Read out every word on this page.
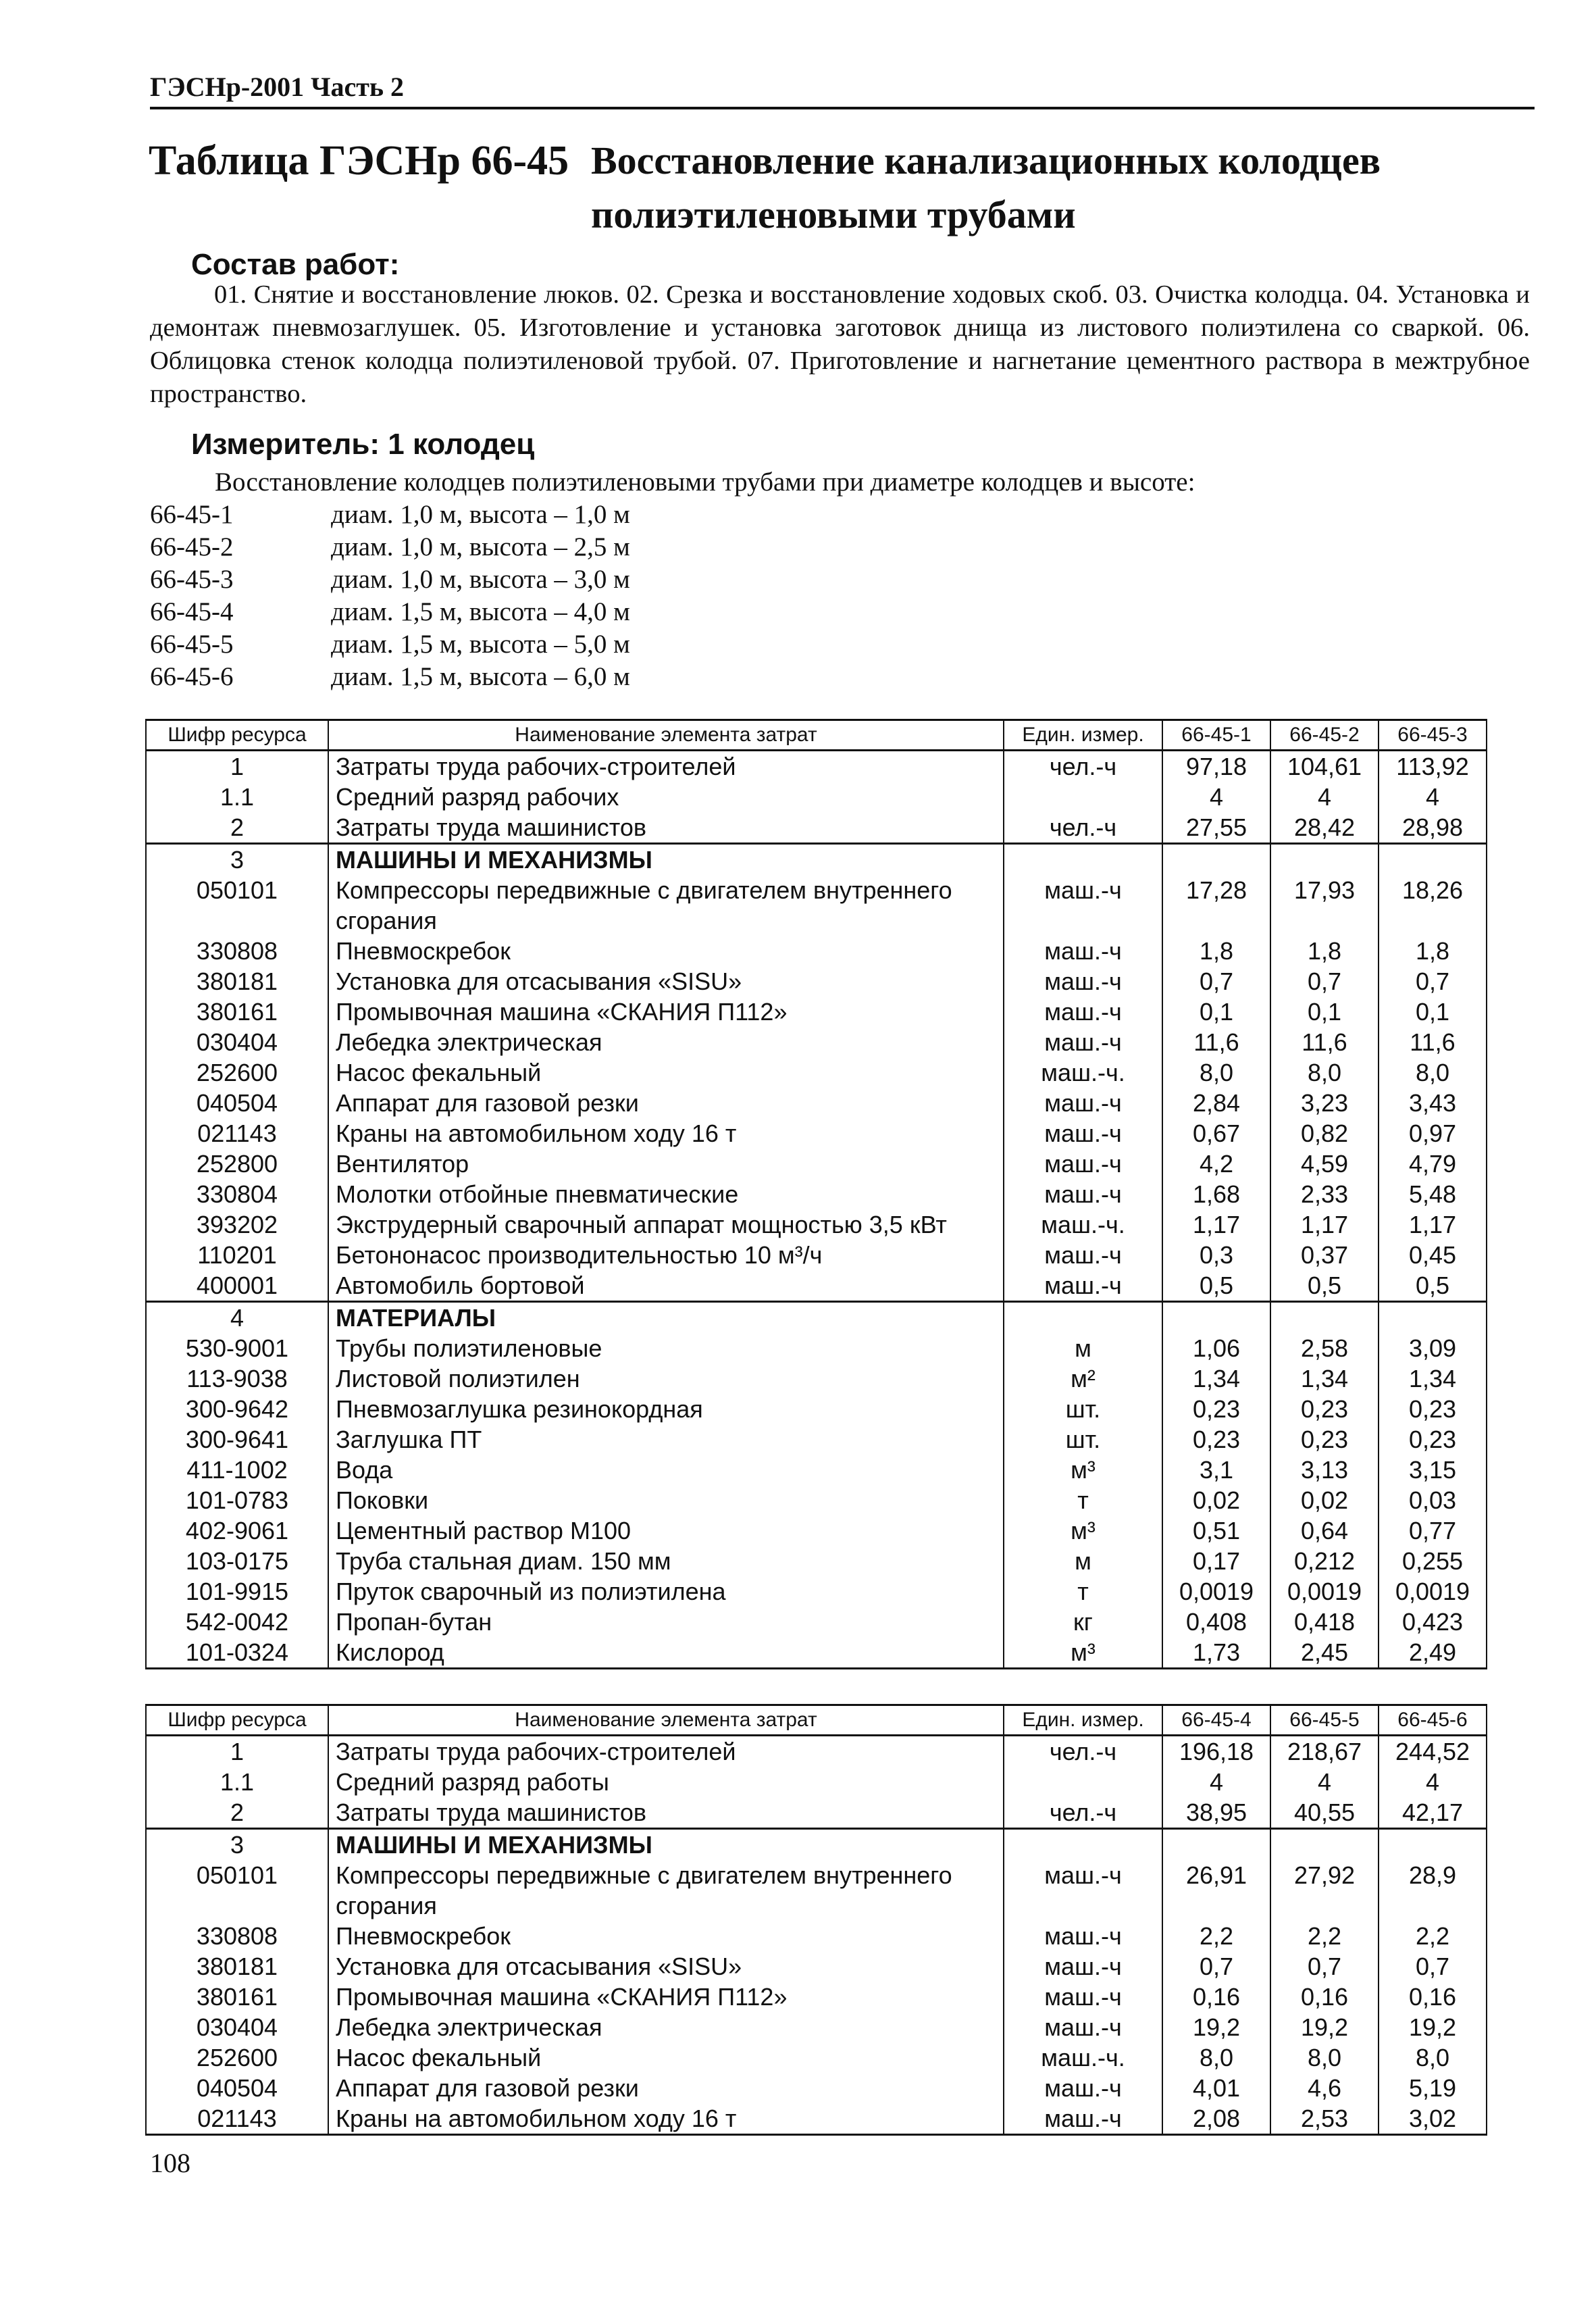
ГЭСНр-2001 Часть 2
Таблица ГЭСНр 66-45 Восстановление канализационных колодцев полиэтиленовыми трубами
Состав работ:
01. Снятие и восстановление люков. 02. Срезка и восстановление ходовых скоб. 03. Очистка колодца. 04. Установка и демонтаж пневмозаглушек. 05. Изготовление и установка заготовок днища из листового полиэтилена со сваркой. 06. Облицовка стенок колодца полиэтиленовой трубой. 07. Приготовление и нагнетание цементного раствора в межтрубное пространство.
Измеритель: 1 колодец
Восстановление колодцев полиэтиленовыми трубами при диаметре колодцев и высоте:
66-45-1	диам. 1,0 м, высота – 1,0 м
66-45-2	диам. 1,0 м, высота – 2,5 м
66-45-3	диам. 1,0 м, высота – 3,0 м
66-45-4	диам. 1,5 м, высота – 4,0 м
66-45-5	диам. 1,5 м, высота – 5,0 м
66-45-6	диам. 1,5 м, высота – 6,0 м
Шифр ресурса	Наименование элемента затрат	Един. измер.	66-45-1	66-45-2	66-45-3
1	Затраты труда рабочих-строителей	чел.-ч	97,18	104,61	113,92
1.1	Средний разряд рабочих		4	4	4
2	Затраты труда машинистов	чел.-ч	27,55	28,42	28,98
3	МАШИНЫ И МЕХАНИЗМЫ				
050101	Компрессоры передвижные с двигателем внутреннего сгорания	маш.-ч	17,28	17,93	18,26
330808	Пневмоскребок	маш.-ч	1,8	1,8	1,8
380181	Установка для отсасывания «SISU»	маш.-ч	0,7	0,7	0,7
380161	Промывочная машина «СКАНИЯ П112»	маш.-ч	0,1	0,1	0,1
030404	Лебедка электрическая	маш.-ч	11,6	11,6	11,6
252600	Насос фекальный	маш.-ч.	8,0	8,0	8,0
040504	Аппарат для газовой резки	маш.-ч	2,84	3,23	3,43
021143	Краны на автомобильном ходу 16 т	маш.-ч	0,67	0,82	0,97
252800	Вентилятор	маш.-ч	4,2	4,59	4,79
330804	Молотки отбойные пневматические	маш.-ч	1,68	2,33	5,48
393202	Экструдерный сварочный аппарат мощностью 3,5 кВт	маш.-ч.	1,17	1,17	1,17
110201	Бетононасос производительностью 10 м³/ч	маш.-ч	0,3	0,37	0,45
400001	Автомобиль бортовой	маш.-ч	0,5	0,5	0,5
4	МАТЕРИАЛЫ				
530-9001	Трубы полиэтиленовые	м	1,06	2,58	3,09
113-9038	Листовой полиэтилен	м²	1,34	1,34	1,34
300-9642	Пневмозаглушка резинокордная	шт.	0,23	0,23	0,23
300-9641	Заглушка ПТ	шт.	0,23	0,23	0,23
411-1002	Вода	м³	3,1	3,13	3,15
101-0783	Поковки	т	0,02	0,02	0,03
402-9061	Цементный раствор М100	м³	0,51	0,64	0,77
103-0175	Труба стальная диам. 150 мм	м	0,17	0,212	0,255
101-9915	Пруток сварочный из полиэтилена	т	0,0019	0,0019	0,0019
542-0042	Пропан-бутан	кг	0,408	0,418	0,423
101-0324	Кислород	м³	1,73	2,45	2,49
Шифр ресурса	Наименование элемента затрат	Един. измер.	66-45-4	66-45-5	66-45-6
1	Затраты труда рабочих-строителей	чел.-ч	196,18	218,67	244,52
1.1	Средний разряд работы		4	4	4
2	Затраты труда машинистов	чел.-ч	38,95	40,55	42,17
3	МАШИНЫ И МЕХАНИЗМЫ				
050101	Компрессоры передвижные с двигателем внутреннего сгорания	маш.-ч	26,91	27,92	28,9
330808	Пневмоскребок	маш.-ч	2,2	2,2	2,2
380181	Установка для отсасывания «SISU»	маш.-ч	0,7	0,7	0,7
380161	Промывочная машина «СКАНИЯ П112»	маш.-ч	0,16	0,16	0,16
030404	Лебедка электрическая	маш.-ч	19,2	19,2	19,2
252600	Насос фекальный	маш.-ч.	8,0	8,0	8,0
040504	Аппарат для газовой резки	маш.-ч	4,01	4,6	5,19
021143	Краны на автомобильном ходу 16 т	маш.-ч	2,08	2,53	3,02
108
